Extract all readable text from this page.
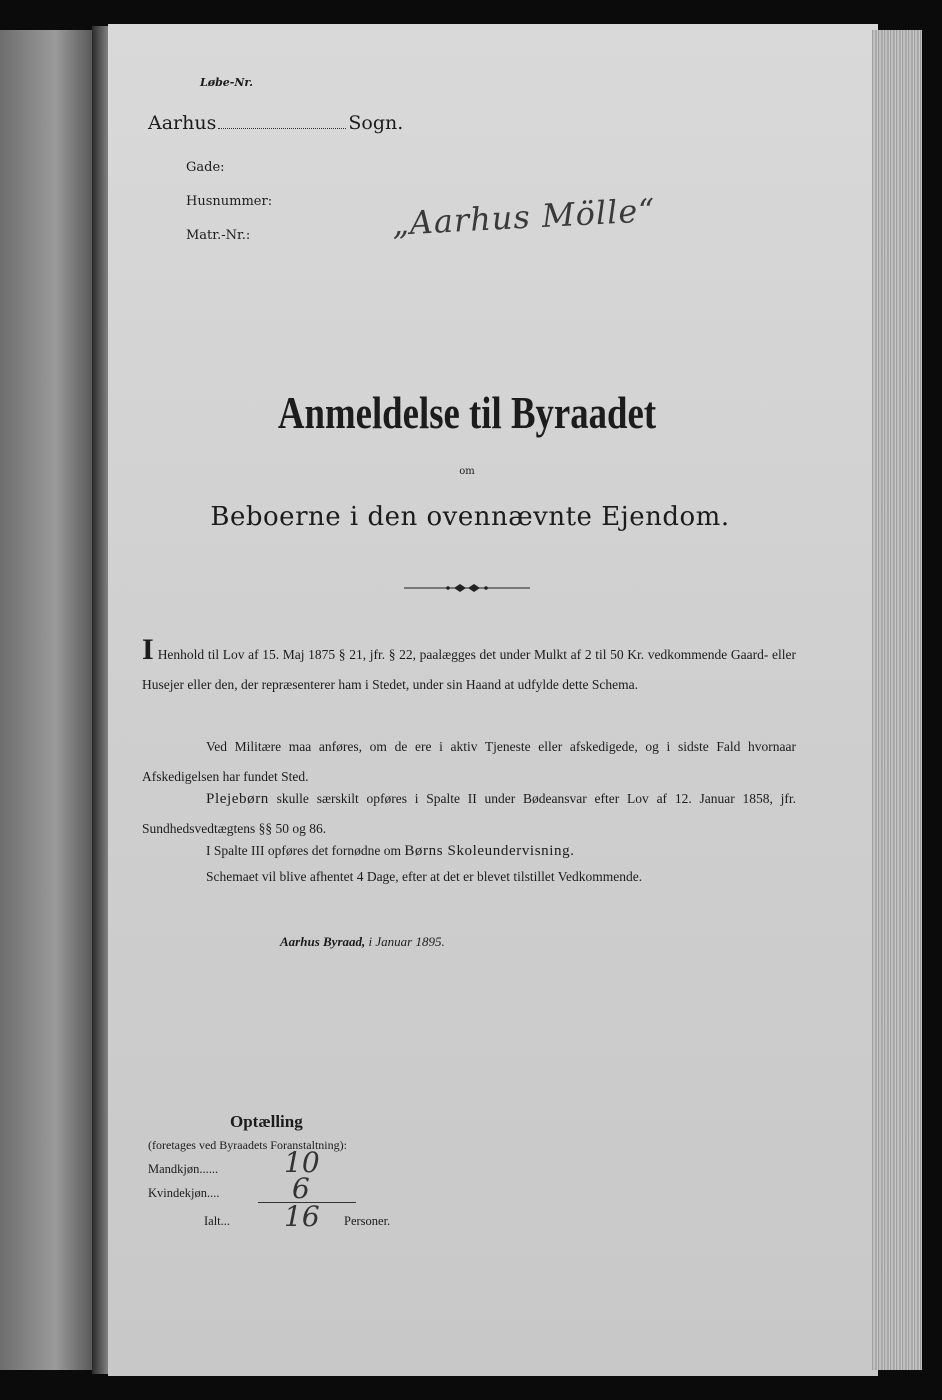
Løbe-Nr.
Aarhus	Sogn.
Gade:
Husnummer:
Matr.-Nr.:	„Aarhus Mölle“
Anmeldelse til Byraadet
om
Beboerne i den ovennævnte Ejendom.

I Henhold til Lov af 15. Maj 1875 § 21, jfr. § 22, paalægges det under Mulkt af 2 til 50 Kr. vedkommende Gaard- eller Husejer eller den, der repræsenterer ham i Stedet, under sin Haand at udfylde dette Schema.

Ved Militære maa anføres, om de ere i aktiv Tjeneste eller afskedigede, og i sidste Fald hvornaar Afskedigelsen har fundet Sted.

Plejebørn skulle særskilt opføres i Spalte II under Bødeansvar efter Lov af 12. Januar 1858, jfr. Sundhedsvedtægtens §§ 50 og 86.

I Spalte III opføres det fornødne om Børns Skoleundervisning.

Schemaet vil blive afhentet 4 Dage, efter at det er blevet tilstillet Vedkommende.

Aarhus Byraad, i Januar 1895.
Optælling
(foretages ved Byraadets Foranstaltning):
Mandkjøn...... 10
Kvindekjøn....	6
Ialt... 16 Personer.
